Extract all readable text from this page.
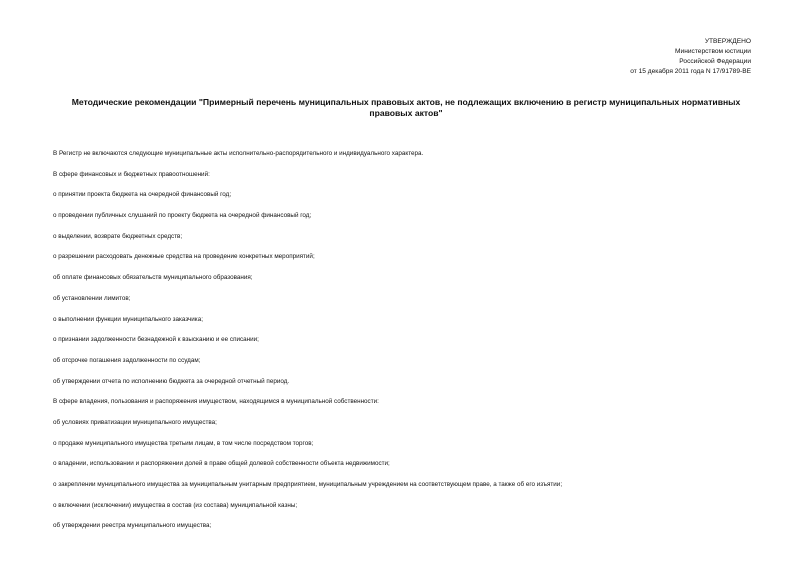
УТВЕРЖДЕНО
Министерством юстиции
Российской Федерации
от 15 декабря 2011 года N 17/91789-ВЕ
Методические рекомендации "Примерный перечень муниципальных правовых актов, не подлежащих включению в регистр муниципальных нормативных правовых актов"
В Регистр не включаются следующие муниципальные акты исполнительно-распорядительного и индивидуального характера.
В сфере финансовых и бюджетных правоотношений:
о принятии проекта бюджета на очередной финансовый год;
о проведении публичных слушаний по проекту бюджета на очередной финансовый год;
о выделении, возврате бюджетных средств;
о разрешении расходовать денежные средства на проведение конкретных мероприятий;
об оплате финансовых обязательств муниципального образования;
об установлении лимитов;
о выполнении функции муниципального заказчика;
о признании задолженности безнадежной к взысканию и ее списании;
об отсрочке погашения задолженности по ссудам;
об утверждении отчета по исполнению бюджета за очередной отчетный период.
В сфере владения, пользования и распоряжения имуществом, находящимся в муниципальной собственности:
об условиях приватизации муниципального имущества;
о продаже муниципального имущества третьим лицам, в том числе посредством торгов;
о владении, использовании и распоряжении долей в праве общей долевой собственности объекта недвижимости;
о закреплении муниципального имущества за муниципальным унитарным предприятием, муниципальным учреждением на соответствующем праве, а также об его изъятии;
о включении (исключении) имущества в состав (из состава) муниципальной казны;
об утверждении реестра муниципального имущества;
